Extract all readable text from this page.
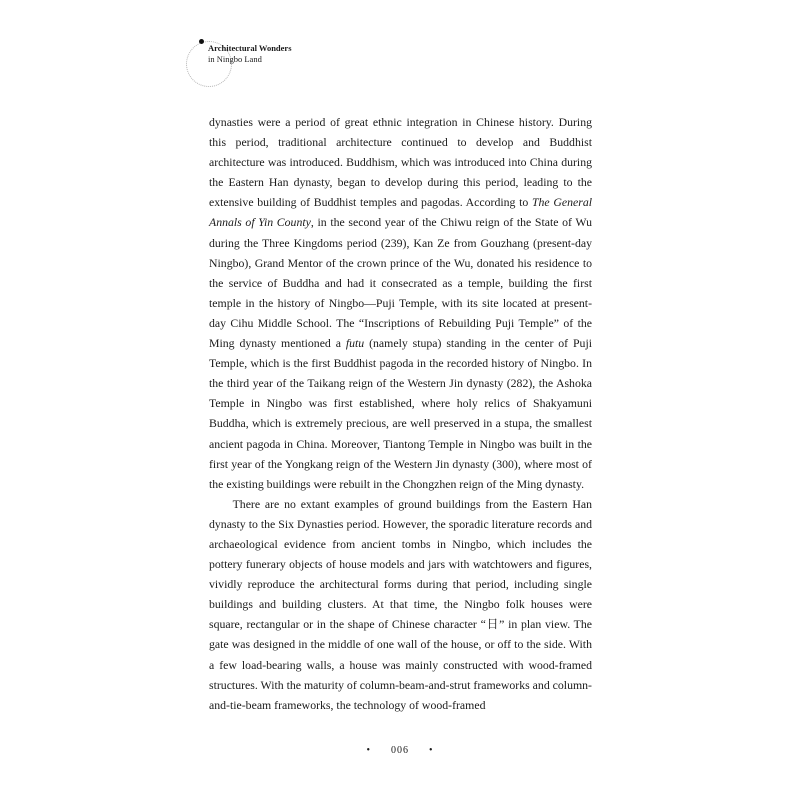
Architectural Wonders
in Ningbo Land

dynasties were a period of great ethnic integration in Chinese history. During this period, traditional architecture continued to develop and Buddhist architecture was introduced. Buddhism, which was introduced into China during the Eastern Han dynasty, began to develop during this period, leading to the extensive building of Buddhist temples and pagodas. According to The General Annals of Yin County, in the second year of the Chiwu reign of the State of Wu during the Three Kingdoms period (239), Kan Ze from Gouzhang (present-day Ningbo), Grand Mentor of the crown prince of the Wu, donated his residence to the service of Buddha and had it consecrated as a temple, building the first temple in the history of Ningbo—Puji Temple, with its site located at present-day Cihu Middle School. The “Inscriptions of Rebuilding Puji Temple” of the Ming dynasty mentioned a futu (namely stupa) standing in the center of Puji Temple, which is the first Buddhist pagoda in the recorded history of Ningbo. In the third year of the Taikang reign of the Western Jin dynasty (282), the Ashoka Temple in Ningbo was first established, where holy relics of Shakyamuni Buddha, which is extremely precious, are well preserved in a stupa, the smallest ancient pagoda in China. Moreover, Tiantong Temple in Ningbo was built in the first year of the Yongkang reign of the Western Jin dynasty (300), where most of the existing buildings were rebuilt in the Chongzhen reign of the Ming dynasty.

There are no extant examples of ground buildings from the Eastern Han dynasty to the Six Dynasties period. However, the sporadic literature records and archaeological evidence from ancient tombs in Ningbo, which includes the pottery funerary objects of house models and jars with watchtowers and figures, vividly reproduce the architectural forms during that period, including single buildings and building clusters. At that time, the Ningbo folk houses were square, rectangular or in the shape of Chinese character “日” in plan view. The gate was designed in the middle of one wall of the house, or off to the side. With a few load-bearing walls, a house was mainly constructed with wood-framed structures. With the maturity of column-beam-and-strut frameworks and column-and-tie-beam frameworks, the technology of wood-framed

• 006 •
